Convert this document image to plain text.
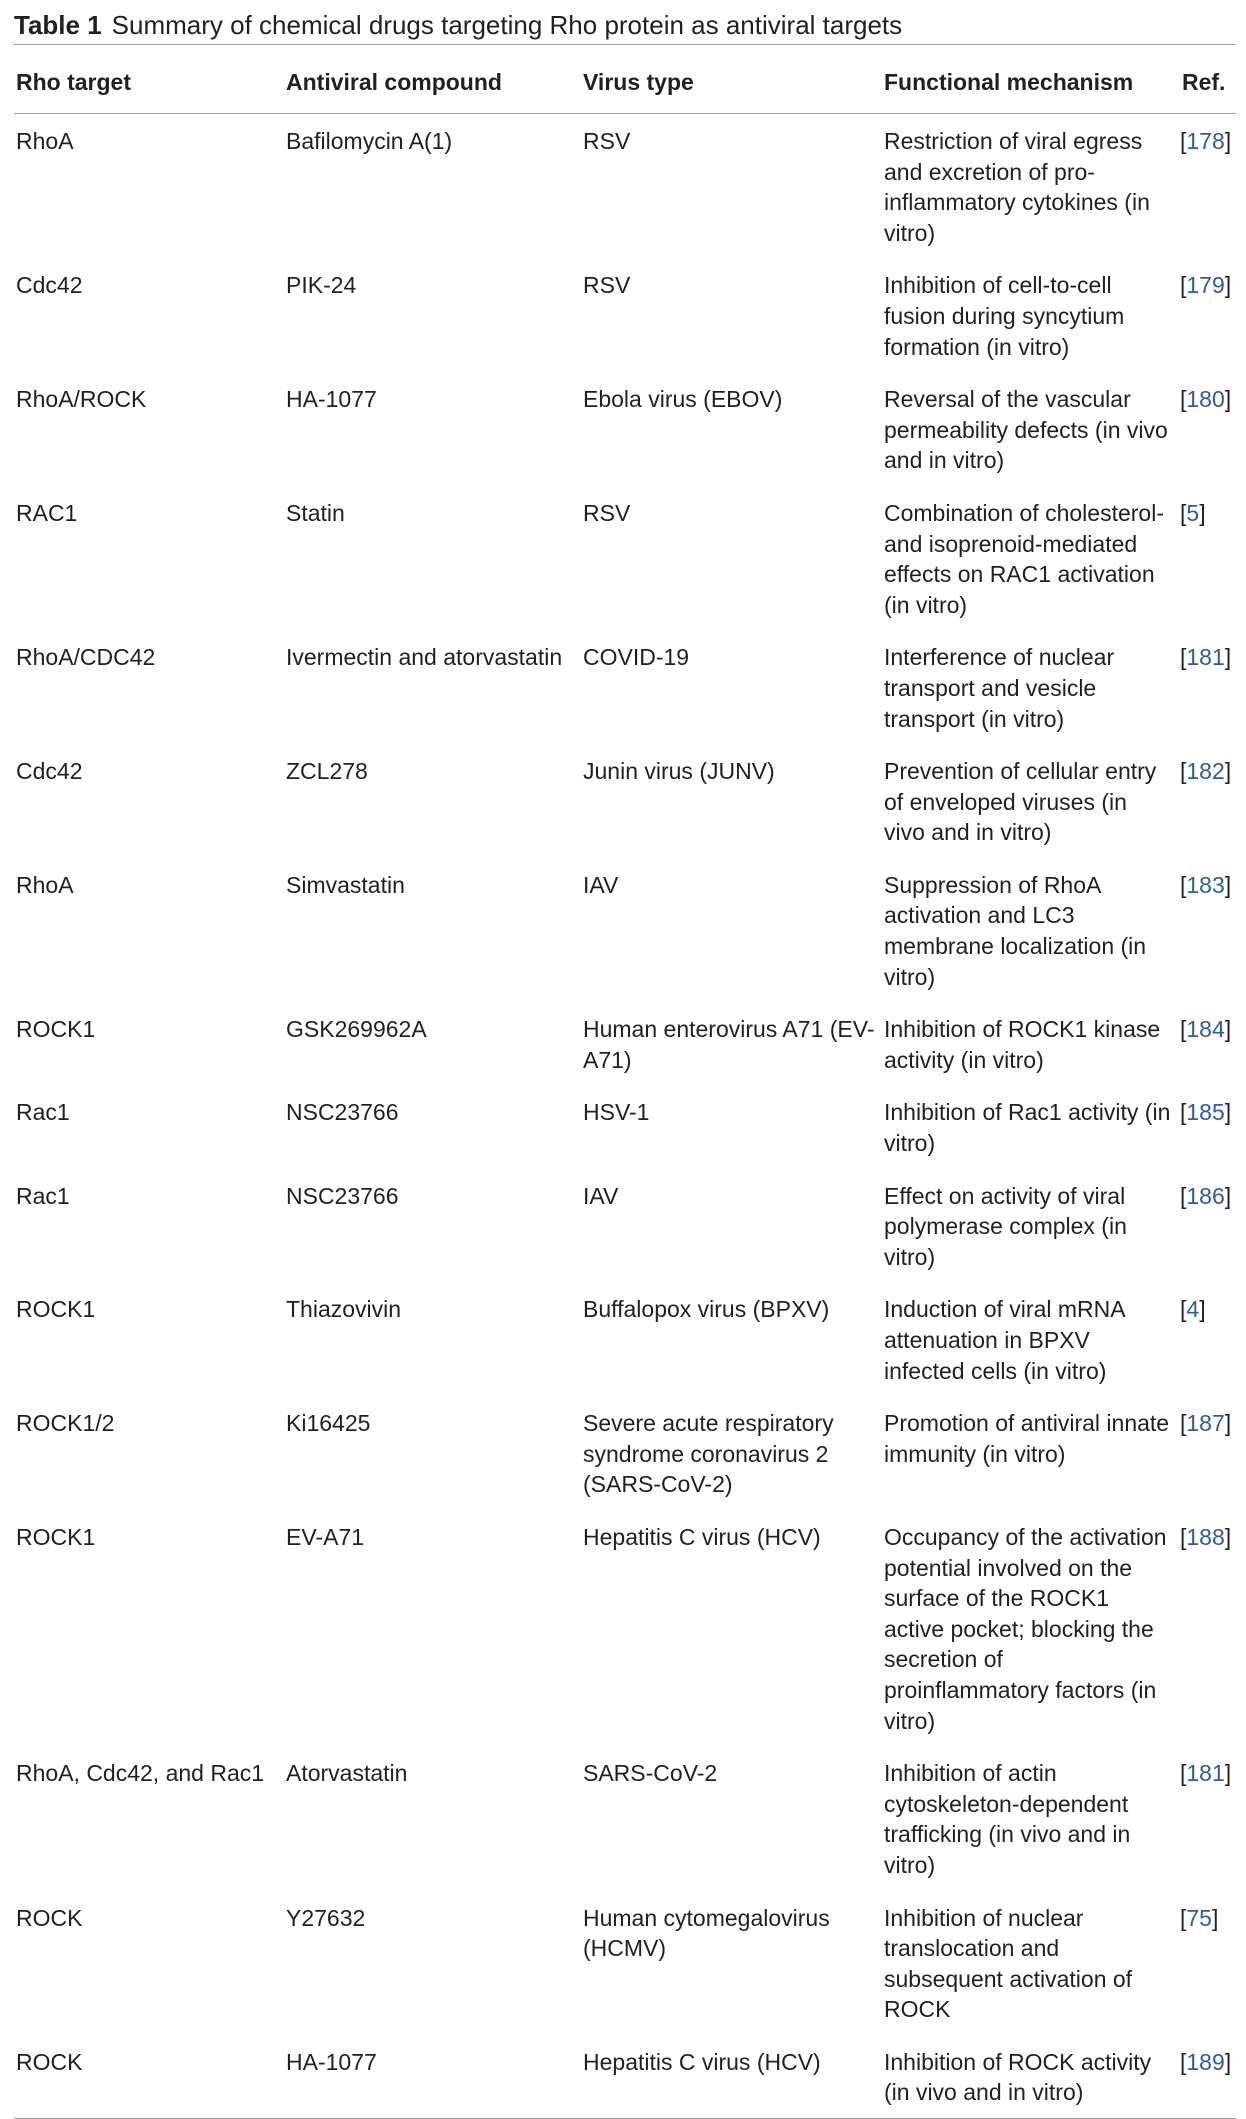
Table 1 Summary of chemical drugs targeting Rho protein as antiviral targets

Rho target	Antiviral compound	Virus type	Functional mechanism	Ref.
RhoA	Bafilomycin A(1)	RSV	Restriction of viral egress and excretion of pro-inflammatory cytokines (in vitro)	[178]
Cdc42	PIK-24	RSV	Inhibition of cell-to-cell fusion during syncytium formation (in vitro)	[179]
RhoA/ROCK	HA-1077	Ebola virus (EBOV)	Reversal of the vascular permeability defects (in vivo and in vitro)	[180]
RAC1	Statin	RSV	Combination of cholesterol- and isoprenoid-mediated effects on RAC1 activation (in vitro)	[5]
RhoA/CDC42	Ivermectin and atorvastatin	COVID-19	Interference of nuclear transport and vesicle transport (in vitro)	[181]
Cdc42	ZCL278	Junin virus (JUNV)	Prevention of cellular entry of enveloped viruses (in vivo and in vitro)	[182]
RhoA	Simvastatin	IAV	Suppression of RhoA activation and LC3 membrane localization (in vitro)	[183]
ROCK1	GSK269962A	Human enterovirus A71 (EV-A71)	Inhibition of ROCK1 kinase activity (in vitro)	[184]
Rac1	NSC23766	HSV-1	Inhibition of Rac1 activity (in vitro)	[185]
Rac1	NSC23766	IAV	Effect on activity of viral polymerase complex (in vitro)	[186]
ROCK1	Thiazovivin	Buffalopox virus (BPXV)	Induction of viral mRNA attenuation in BPXV infected cells (in vitro)	[4]
ROCK1/2	Ki16425	Severe acute respiratory syndrome coronavirus 2 (SARS-CoV-2)	Promotion of antiviral innate immunity (in vitro)	[187]
ROCK1	EV-A71	Hepatitis C virus (HCV)	Occupancy of the activation potential involved on the surface of the ROCK1 active pocket; blocking the secretion of proinflammatory factors (in vitro)	[188]
RhoA, Cdc42, and Rac1	Atorvastatin	SARS-CoV-2	Inhibition of actin cytoskeleton-dependent trafficking (in vivo and in vitro)	[181]
ROCK	Y27632	Human cytomegalovirus (HCMV)	Inhibition of nuclear translocation and subsequent activation of ROCK	[75]
ROCK	HA-1077	Hepatitis C virus (HCV)	Inhibition of ROCK activity (in vivo and in vitro)	[189]
